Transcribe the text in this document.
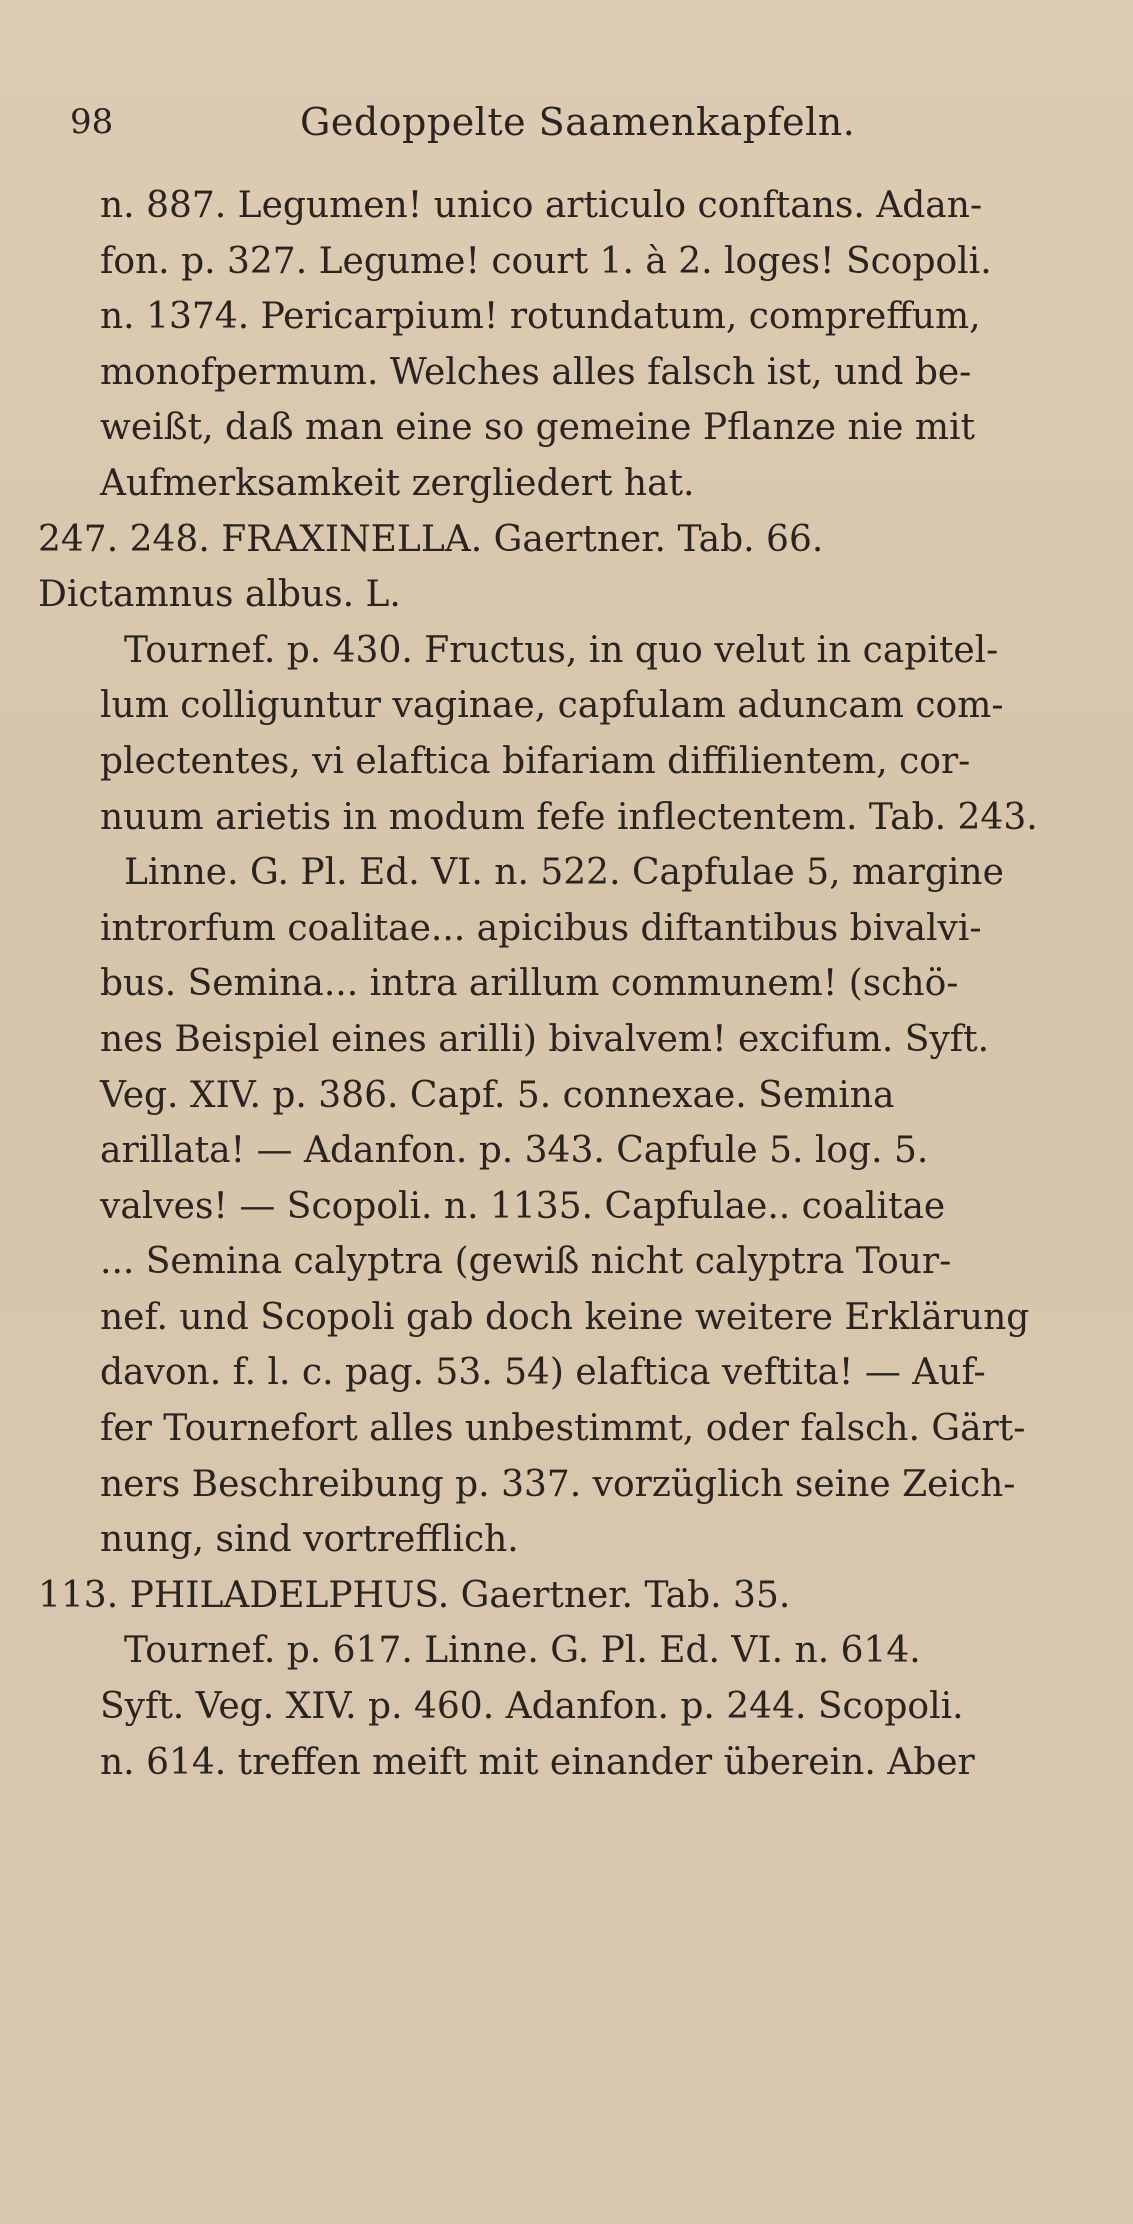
98	Gedoppelte Saamenkapfeln.
n. 887. Legumen! unico articulo conftans. Adan-
fon. p. 327. Legume! court 1. à 2. loges! Scopoli.
n. 1374. Pericarpium! rotundatum, compreffum,
monofpermum. Welches alles falsch ist, und be-
weißt, daß man eine so gemeine Pflanze nie mit
Aufmerksamkeit zergliedert hat.
247. 248. FRAXINELLA. Gaertner. Tab. 66.
Dictamnus albus. L.
Tournef. p. 430. Fructus, in quo velut in capitel-
lum colliguntur vaginae, capfulam aduncam com-
plectentes, vi elaftica bifariam diffilientem, cor-
nuum arietis in modum fefe inflectentem. Tab. 243.
Linne. G. Pl. Ed. VI. n. 522. Capfulae 5, margine
introrfum coalitae... apicibus diftantibus bivalvi-
bus. Semina... intra arillum communem! (schö-
nes Beispiel eines arilli) bivalvem! excifum. Syft.
Veg. XIV. p. 386. Capf. 5. connexae. Semina
arillata! — Adanfon. p. 343. Capfule 5. log. 5.
valves! — Scopoli. n. 1135. Capfulae.. coalitae
... Semina calyptra (gewiß nicht calyptra Tour-
nef. und Scopoli gab doch keine weitere Erklärung
davon. f. l. c. pag. 53. 54) elaftica veftita! — Auf-
fer Tournefort alles unbestimmt, oder falsch. Gärt-
ners Beschreibung p. 337. vorzüglich seine Zeich-
nung, sind vortrefflich.
113. PHILADELPHUS. Gaertner. Tab. 35.
Tournef. p. 617. Linne. G. Pl. Ed. VI. n. 614.
Syft. Veg. XIV. p. 460. Adanfon. p. 244. Scopoli.
n. 614. treffen meift mit einander überein. Aber
